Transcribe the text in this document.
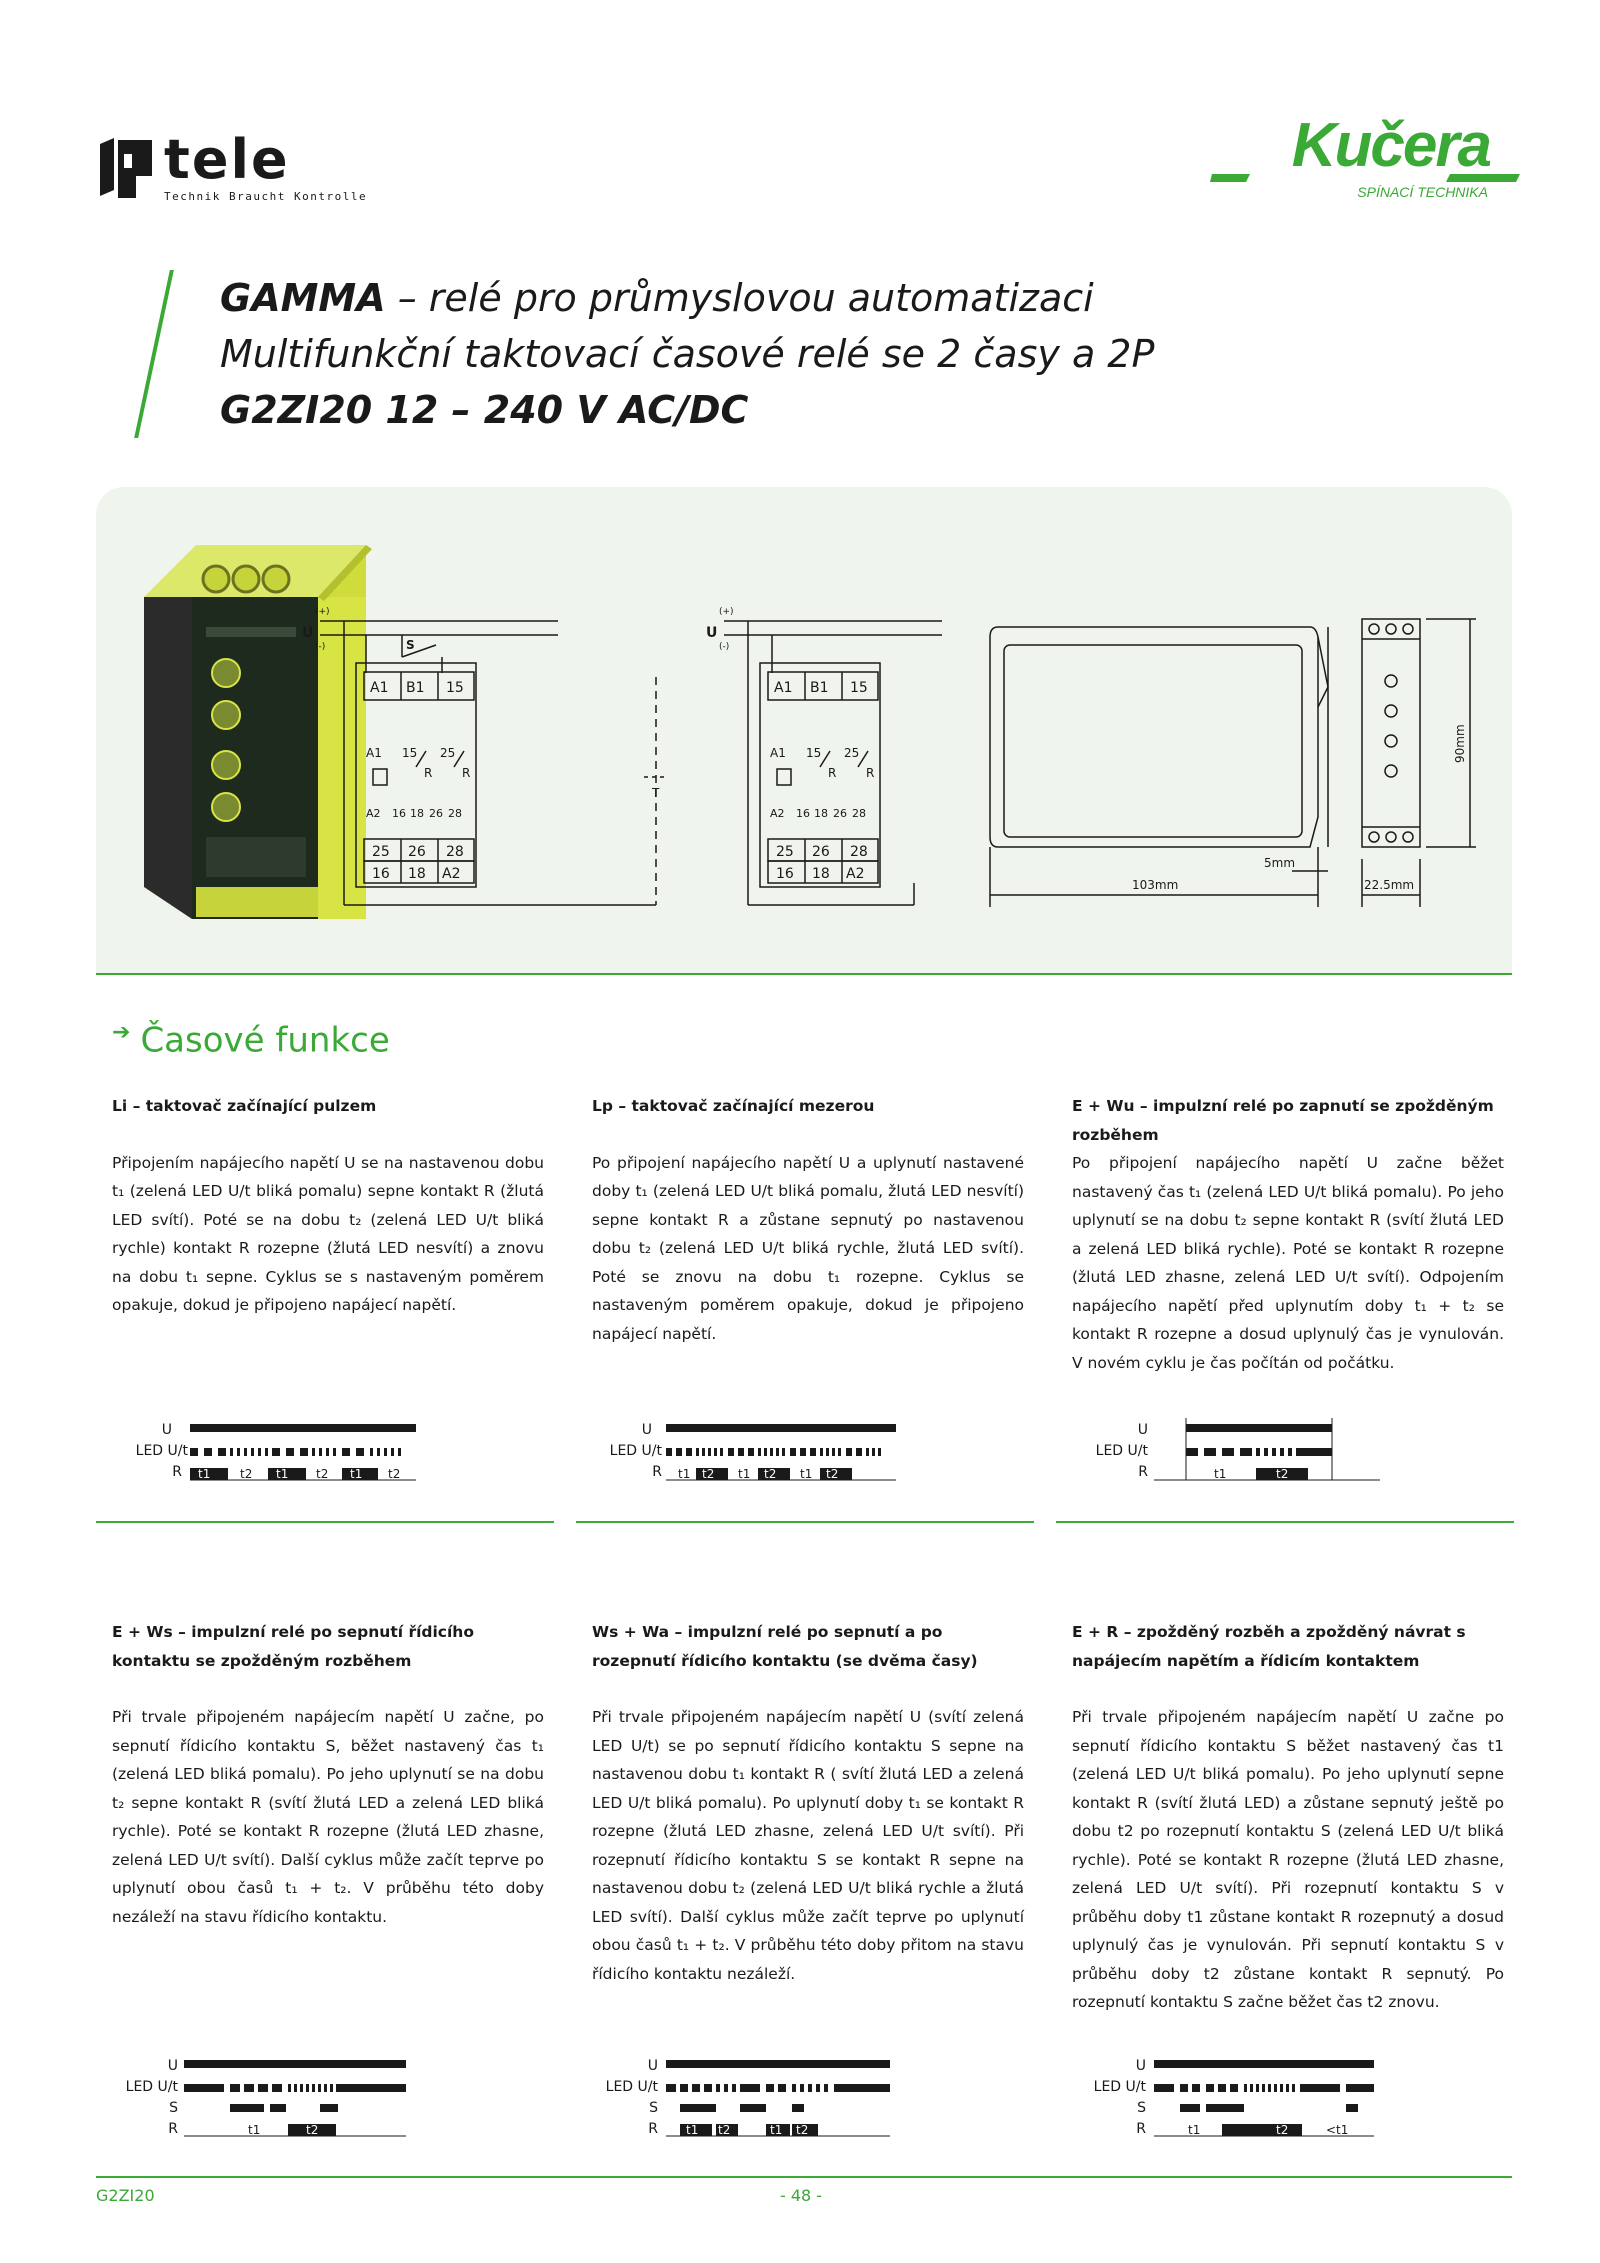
tele
Technik Braucht Kontrolle
Kučera
SPÍNACÍ TECHNIKA
GAMMA – relé pro průmyslovou automatizaci
Multifunkční taktovací časové relé se 2 časy a 2P
G2ZI20 12 – 240 V AC/DC
U
(+)
(-)	S
A1 B1 15
A1 15 25
R R
A2 16 18 26 28
25 26 28
16 18 A2
T
U
(+)
(-)
A1 B1 15
A1 15 25
R R
A2 16 18 26 28
25 26 28
16 18 A2
103mm
5mm
90mm
22.5mm
➔ Časové funkce
Li – taktovač začínající pulzem

Připojením napájecího napětí U se na nastavenou dobu t₁ (zelená LED U/t bliká pomalu) sepne kontakt R (žlutá LED svítí). Poté se na dobu t₂ (zelená LED U/t bliká rychle) kontakt R rozepne (žlutá LED nesvítí) a znovu na dobu t₁ sepne. Cyklus se s nastaveným poměrem opakuje, dokud je připojeno napájecí napětí.

Lp – taktovač začínající mezerou

Po připojení napájecího napětí U a uplynutí nastavené doby t₁ (zelená LED U/t bliká pomalu, žlutá LED nesvítí) sepne kontakt R a zůstane sepnutý po nastavenou dobu t₂ (zelená LED U/t bliká rychle, žlutá LED svítí). Poté se znovu na dobu t₁ rozepne. Cyklus se nastaveným poměrem opakuje, dokud je připojeno napájecí napětí.

E + Wu – impulzní relé po zapnutí se zpožděným rozběhem

Po připojení napájecího napětí U začne běžet nastavený čas t₁ (zelená LED U/t bliká pomalu). Po jeho uplynutí se na dobu t₂ sepne kontakt R (svítí žlutá LED a zelená LED bliká rychle). Poté se kontakt R rozepne (žlutá LED zhasne, zelená LED U/t svítí). Odpojením napájecího napětí před uplynutím doby t₁ + t₂ se kontakt R rozepne a dosud uplynulý čas je vynulován. V novém cyklu je čas počítán od počátku.

U
LED U/t
R t1 t2 t1 t2 t1 t2
U
LED U/t
R t1 t2 t1 t2 t1 t2
U
LED U/t
R	t1	t2
E + Ws – impulzní relé po sepnutí řídicího kontaktu se zpožděným rozběhem

Při trvale připojeném napájecím napětí U začne, po sepnutí řídicího kontaktu S, běžet nastavený čas t₁ (zelená LED bliká pomalu). Po jeho uplynutí se na dobu t₂ sepne kontakt R (svítí žlutá LED a zelená LED bliká rychle). Poté se kontakt R rozepne (žlutá LED zhasne, zelená LED U/t svítí). Další cyklus může začít teprve po uplynutí obou časů t₁ + t₂. V průběhu této doby nezáleží na stavu řídicího kontaktu.

Ws + Wa – impulzní relé po sepnutí a po rozepnutí řídicího kontaktu (se dvěma časy)

Při trvale připojeném napájecím napětí U (svítí zelená LED U/t) se po sepnutí řídicího kontaktu S sepne na nastavenou dobu t₁ kontakt R ( svítí žlutá LED a zelená LED U/t bliká pomalu). Po uplynutí doby t₁ se kontakt R rozepne (žlutá LED zhasne, zelená LED U/t svítí). Při rozepnutí řídicího kontaktu S se kontakt R sepne na nastavenou dobu t₂ (zelená LED U/t bliká rychle a žlutá LED svítí). Další cyklus může začít teprve po uplynutí obou časů t₁ + t₂. V průběhu této doby přitom na stavu řídicího kontaktu nezáleží.

E + R – zpožděný rozběh a zpožděný návrat s napájecím napětím a řídicím kontaktem

Při trvale připojeném napájecím napětí U začne po sepnutí řídicího kontaktu S běžet nastavený čas t1 (zelená LED U/t bliká pomalu). Po jeho uplynutí sepne kontakt R (svítí žlutá LED) a zůstane sepnutý ještě po dobu t2 po rozepnutí kontaktu S (zelená LED U/t bliká rychle). Poté se kontakt R rozepne (žlutá LED zhasne, zelená LED U/t svítí). Při rozepnutí kontaktu S v průběhu doby t1 zůstane kontakt R rozepnutý a dosud uplynulý čas je vynulován. Při sepnutí kontaktu S v průběhu doby t2 zůstane kontakt R sepnutý. Po rozepnutí kontaktu S začne běžet čas t2 znovu.

U
LED U/t
S
R	t1	t2
U
LED U/t
S
R t1 t2	t1 t2
U
LED U/t
S
R	t1	t2	<t1
G2ZI20	- 48 -
